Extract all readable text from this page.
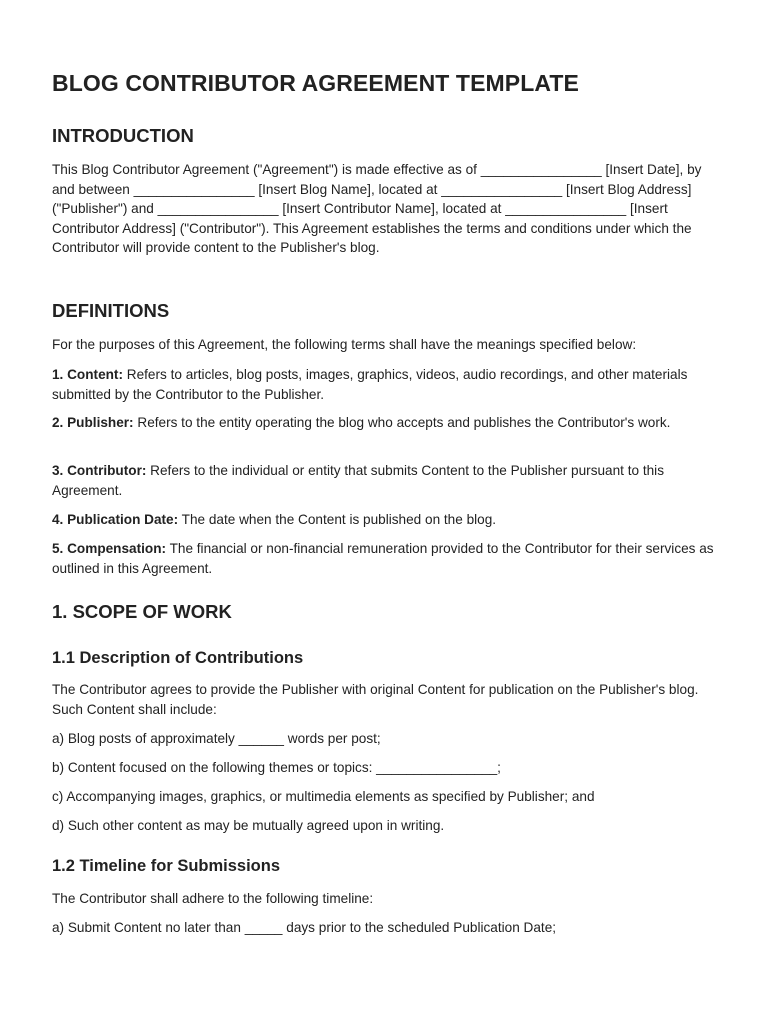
BLOG CONTRIBUTOR AGREEMENT TEMPLATE
INTRODUCTION

This Blog Contributor Agreement ("Agreement") is made effective as of ________________ [Insert Date], by and between ________________ [Insert Blog Name], located at ________________ [Insert Blog Address] ("Publisher") and ________________ [Insert Contributor Name], located at ________________ [Insert Contributor Address] ("Contributor"). This Agreement establishes the terms and conditions under which the Contributor will provide content to the Publisher's blog.

DEFINITIONS

For the purposes of this Agreement, the following terms shall have the meanings specified below:

1. Content: Refers to articles, blog posts, images, graphics, videos, audio recordings, and other materials submitted by the Contributor to the Publisher.

2. Publisher: Refers to the entity operating the blog who accepts and publishes the Contributor's work.

3. Contributor: Refers to the individual or entity that submits Content to the Publisher pursuant to this Agreement.

4. Publication Date: The date when the Content is published on the blog.

5. Compensation: The financial or non-financial remuneration provided to the Contributor for their services as outlined in this Agreement.

1. SCOPE OF WORK
1.1 Description of Contributions

The Contributor agrees to provide the Publisher with original Content for publication on the Publisher's blog. Such Content shall include:

a) Blog posts of approximately ______ words per post;

b) Content focused on the following themes or topics: ________________;

c) Accompanying images, graphics, or multimedia elements as specified by Publisher; and

d) Such other content as may be mutually agreed upon in writing.

1.2 Timeline for Submissions

The Contributor shall adhere to the following timeline:

a) Submit Content no later than _____ days prior to the scheduled Publication Date;
